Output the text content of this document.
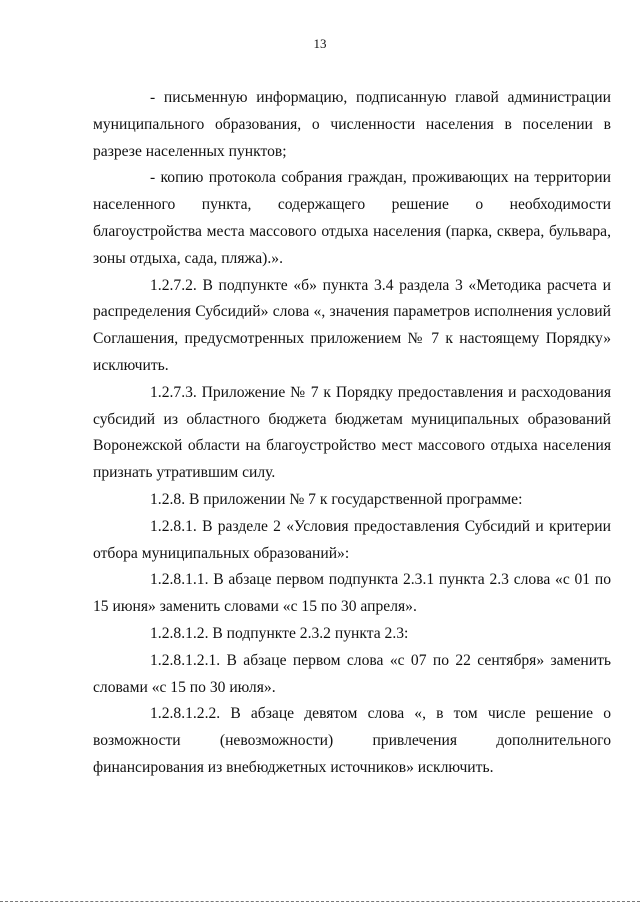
13

- письменную информацию, подписанную главой администрации муниципального образования, о численности населения в поселении в разрезе населенных пунктов;

- копию протокола собрания граждан, проживающих на территории населенного пункта, содержащего решение о необходимости благоустройства места массового отдыха населения (парка, сквера, бульвара, зоны отдыха, сада, пляжа).».

1.2.7.2. В подпункте «б» пункта 3.4 раздела 3 «Методика расчета и распределения Субсидий» слова «, значения параметров исполнения условий Соглашения, предусмотренных приложением № 7 к настоящему Порядку» исключить.

1.2.7.3. Приложение № 7 к Порядку предоставления и расходования субсидий из областного бюджета бюджетам муниципальных образований Воронежской области на благоустройство мест массового отдыха населения признать утратившим силу.

1.2.8. В приложении № 7 к государственной программе:

1.2.8.1. В разделе 2 «Условия предоставления Субсидий и критерии отбора муниципальных образований»:

1.2.8.1.1. В абзаце первом подпункта 2.3.1 пункта 2.3 слова «с 01 по 15 июня» заменить словами «с 15 по 30 апреля».

1.2.8.1.2. В подпункте 2.3.2 пункта 2.3:

1.2.8.1.2.1. В абзаце первом слова «с 07 по 22 сентября» заменить словами «с 15 по 30 июля».

1.2.8.1.2.2. В абзаце девятом слова «, в том числе решение о возможности (невозможности) привлечения дополнительного финансирования из внебюджетных источников» исключить.
